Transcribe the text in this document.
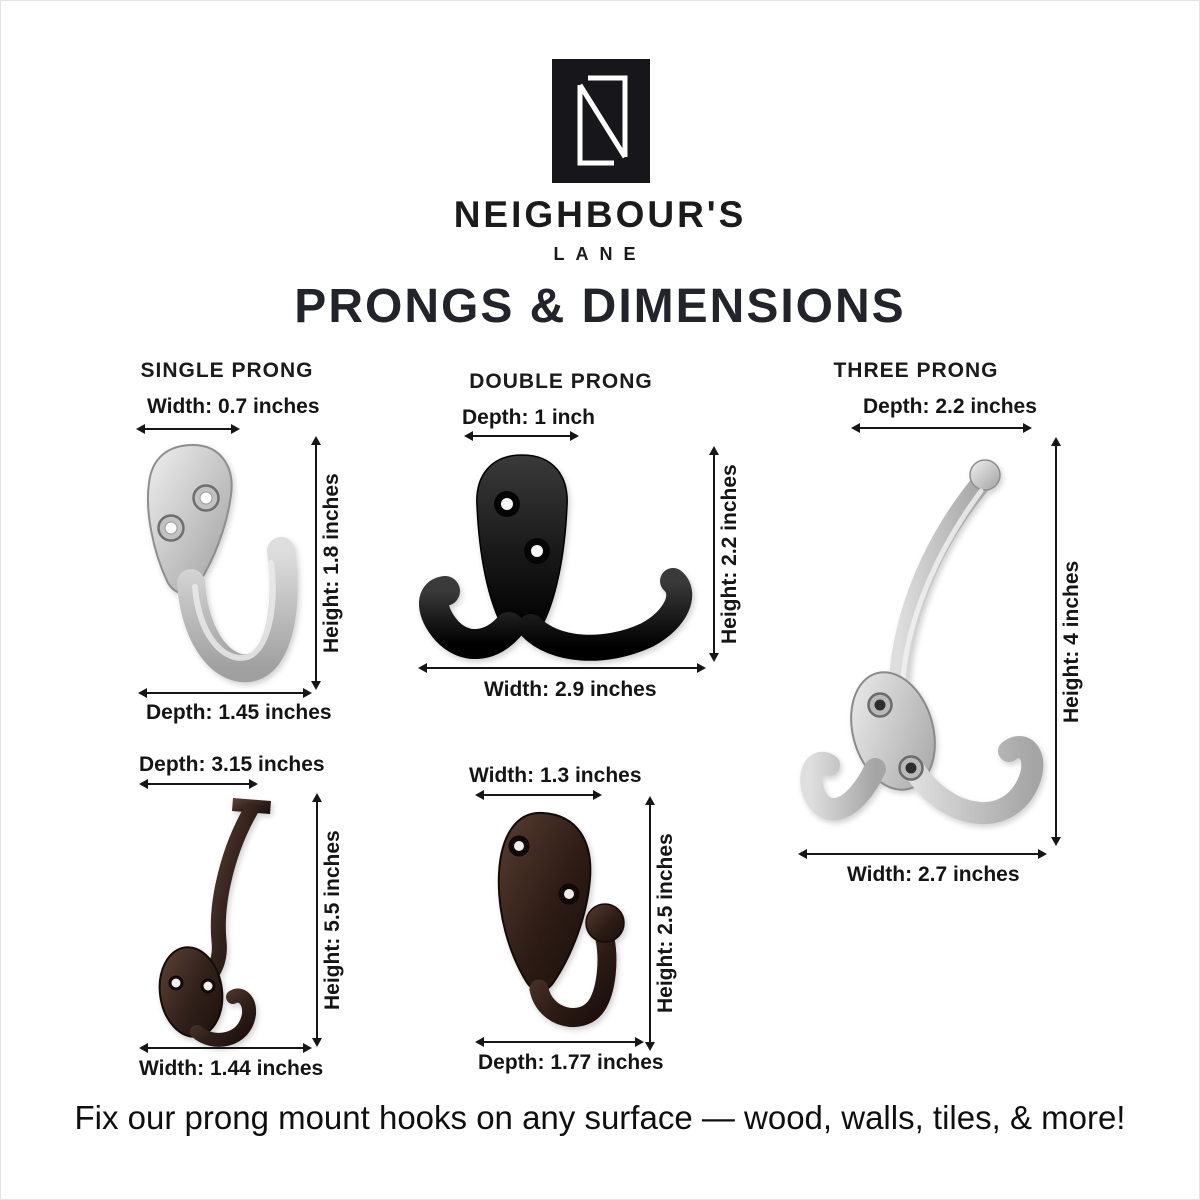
NEIGHBOUR'S
LANE
PRONGS & DIMENSIONS
SINGLE PRONG	DOUBLE PRONG	THREE PRONG
Width: 0.7 inches
Height: 1.8 inches
Depth: 1.45 inches
Depth: 3.15 inches
Height: 5.5 inches
Width: 1.44 inches
Depth: 1 inch
Height: 2.2 inches
Width: 2.9 inches
Width: 1.3 inches
Height: 2.5 inches
Depth: 1.77 inches
Depth: 2.2 inches
Height: 4 inches
Width: 2.7 inches
Fix our prong mount hooks on any surface — wood, walls, tiles, & more!
